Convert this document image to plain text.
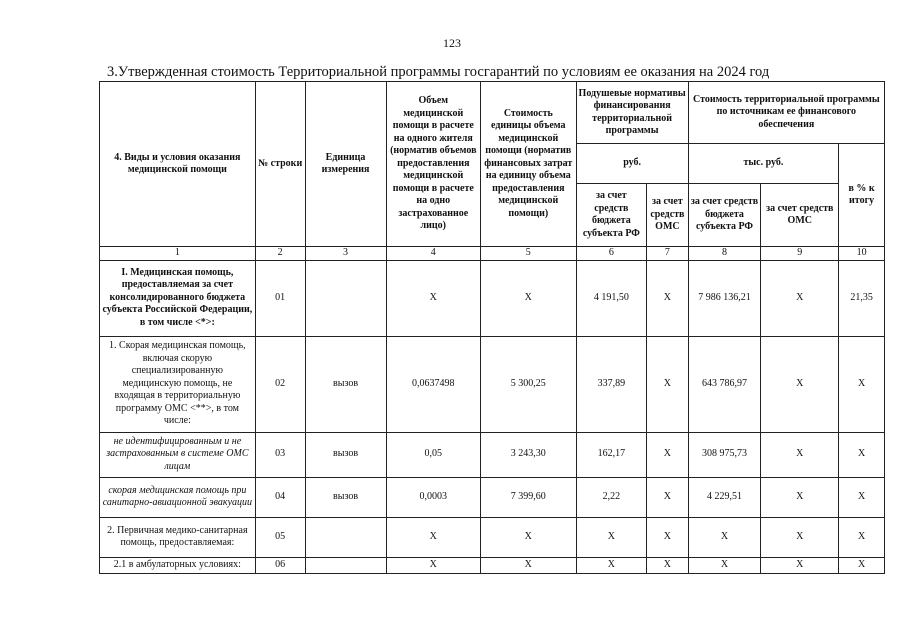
123
3.Утвержденная стоимость Территориальной программы госгарантий по условиям ее оказания на 2024 год
4. Виды и условия оказания медицинской помощи	№ строки	Единица измерения	Объем медицинской помощи в расчете на одного жителя (норматив объемов предоставления медицинской помощи в расчете на одно застрахованное лицо)	Стоимость единицы объема медицинской помощи (норматив финансовых затрат на единицу объема предоставления медицинской помощи)	Подушевые нормативы финансирования территориальной программы		Стоимость территориальной программы по источникам ее финансового обеспечения		
					руб.		тыс. руб.		в % к итогу
					за счет средств бюджета субъекта РФ	за счет средств ОМС	за счет средств бюджета субъекта РФ	за счет средств ОМС	
1	2	3	4	5	6	7	8	9	10
I. Медицинская помощь, предоставляемая за счет консолидированного бюджета субъекта Российской Федерации, в том числе <*>:	01		X	X	4 191,50	X	7 986 136,21	X	21,35
1. Скорая медицинская помощь, включая скорую специализированную медицинскую помощь, не входящая в территориальную программу ОМС <**>, в том числе:	02	вызов	0,0637498	5 300,25	337,89	X	643 786,97	X	X
не идентифицированным и не застрахованным в системе ОМС лицам	03	вызов	0,05	3 243,30	162,17	X	308 975,73	X	X
скорая медицинская помощь при санитарно-авиационной эвакуации	04	вызов	0,0003	7 399,60	2,22	X	4 229,51	X	X
2. Первичная медико-санитарная помощь, предоставляемая:	05		X	X	X	X	X	X	X
2.1 в амбулаторных условиях:	06		X	X	X	X	X	X	X
